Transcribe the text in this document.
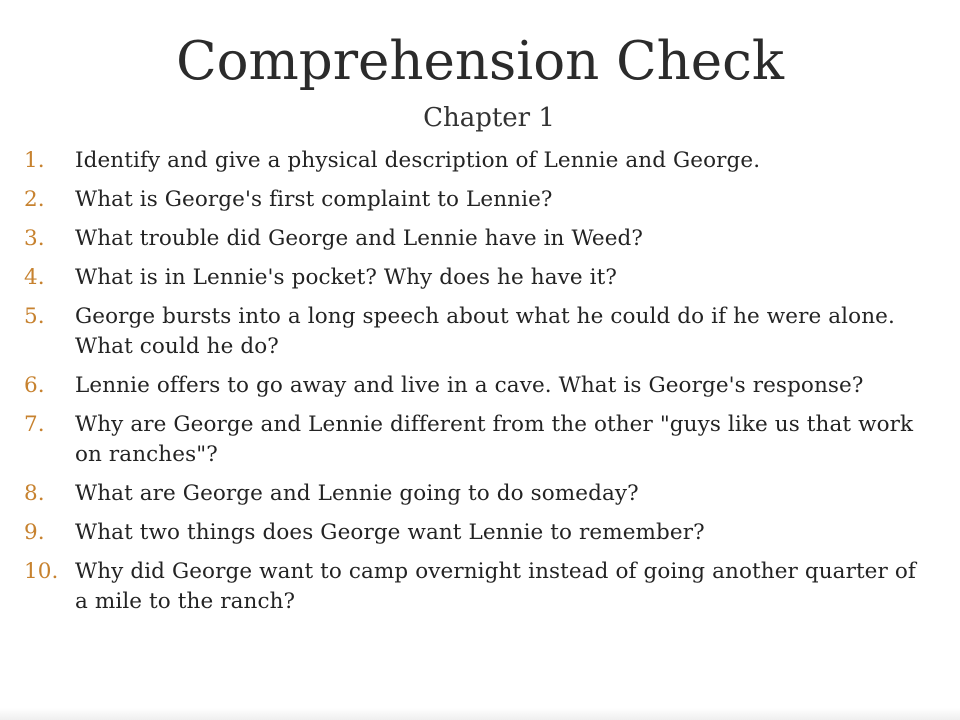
Comprehension Check
Chapter 1
1.	Identify and give a physical description of Lennie and George.
2.	What is George's first complaint to Lennie?
3.	What trouble did George and Lennie have in Weed?
4.	What is in Lennie's pocket? Why does he have it?
5.	George bursts into a long speech about what he could do if he were alone. What could he do?
6.	Lennie offers to go away and live in a cave. What is George's response?
7.	Why are George and Lennie different from the other "guys like us that work on ranches"?
8.	What are George and Lennie going to do someday?
9.	What two things does George want Lennie to remember?
10. Why did George want to camp overnight instead of going another quarter of a mile to the ranch?
